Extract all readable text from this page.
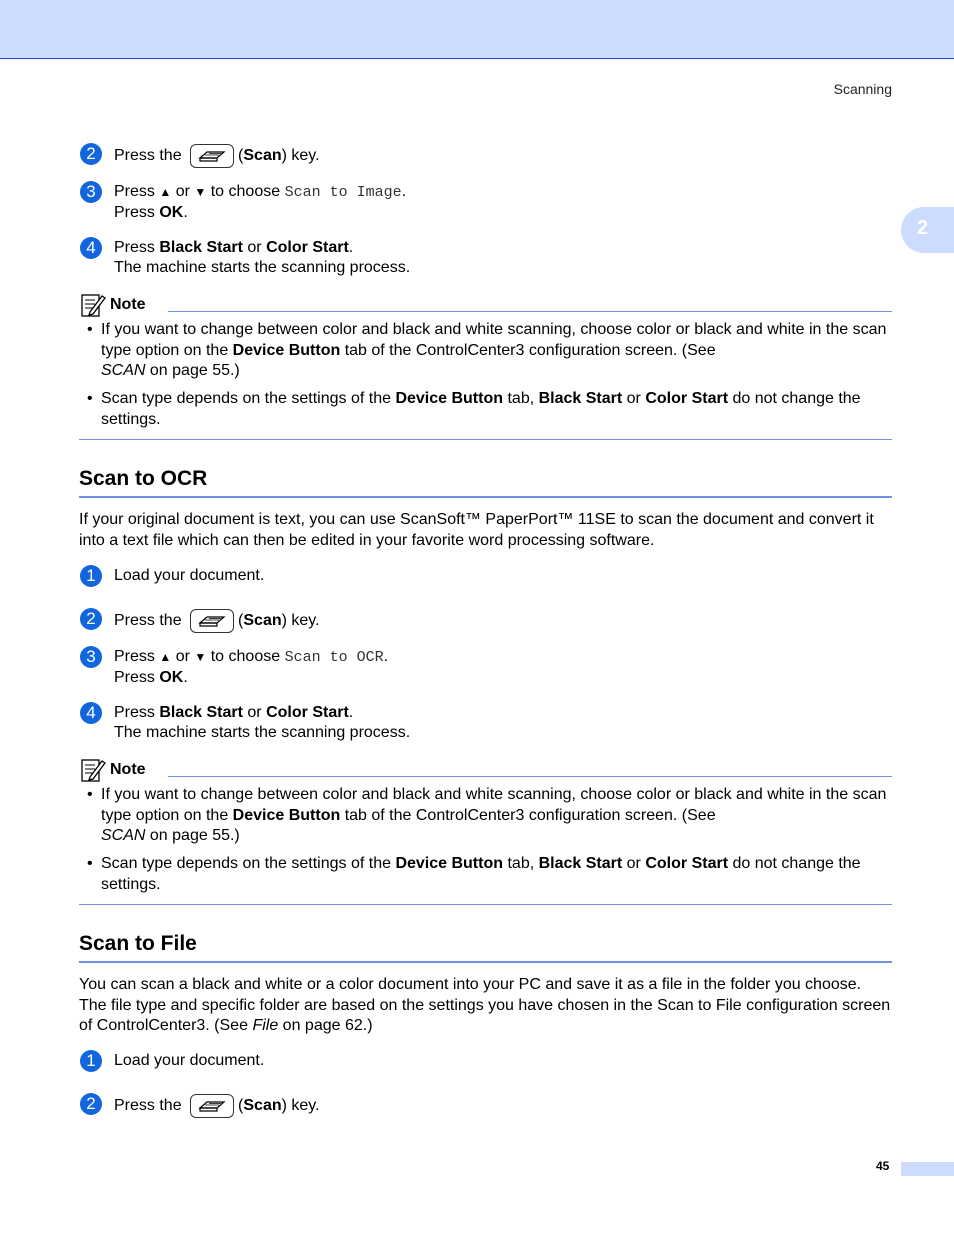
Scanning
2
2	Press the	(Scan) key.
3	Press ▲ or ▼ to choose Scan to Image.
Press OK.
4	Press Black Start or Color Start.
The machine starts the scanning process.
Note
• If you want to change between color and black and white scanning, choose color or black and white in the scan type option on the Device Button tab of the ControlCenter3 configuration screen. (See
SCAN on page 55.)
• Scan type depends on the settings of the Device Button tab, Black Start or Color Start do not change the settings.
Scan to OCR
If your original document is text, you can use ScanSoft™ PaperPort™ 11SE to scan the document and convert it into a text file which can then be edited in your favorite word processing software.
1	Load your document.
2	Press the	(Scan) key.
3	Press ▲ or ▼ to choose Scan to OCR.
Press OK.
4	Press Black Start or Color Start.
The machine starts the scanning process.
Note
• If you want to change between color and black and white scanning, choose color or black and white in the scan type option on the Device Button tab of the ControlCenter3 configuration screen. (See
SCAN on page 55.)
• Scan type depends on the settings of the Device Button tab, Black Start or Color Start do not change the settings.
Scan to File
You can scan a black and white or a color document into your PC and save it as a file in the folder you choose. The file type and specific folder are based on the settings you have chosen in the Scan to File configuration screen of ControlCenter3. (See File on page 62.)
1	Load your document.
2	Press the	(Scan) key.
45
